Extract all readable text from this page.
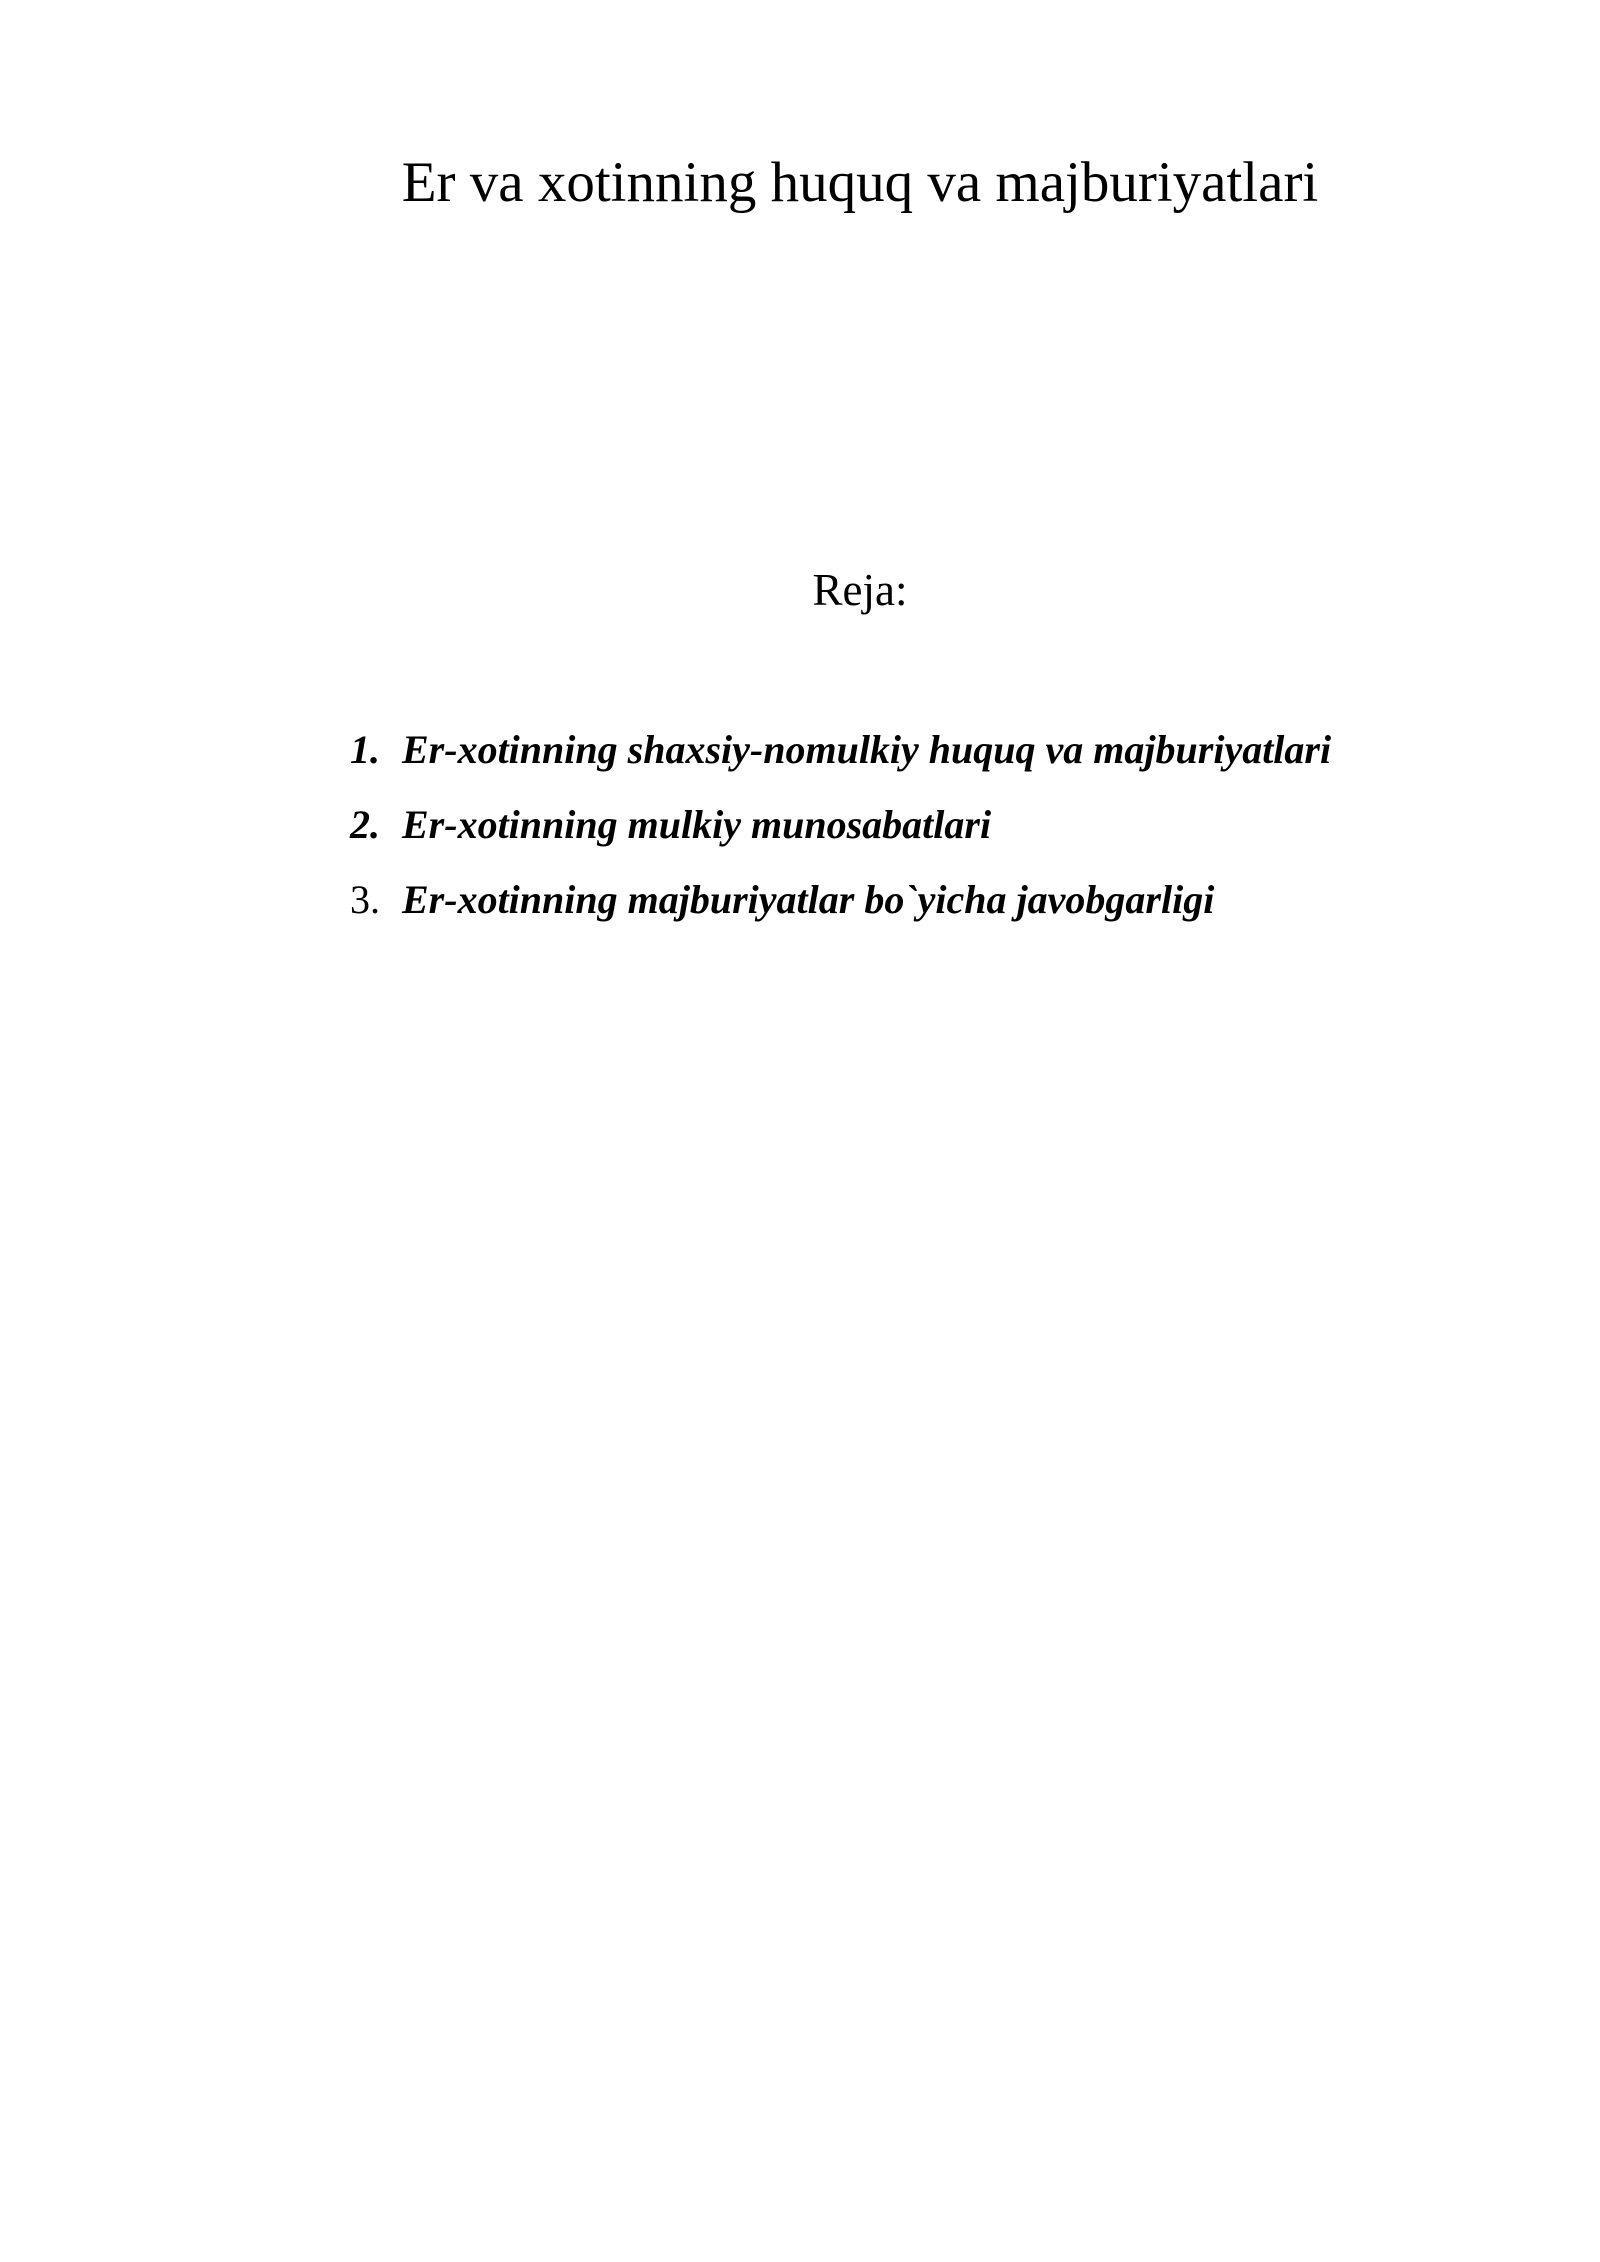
Er va xotinning huquq va majburiyatlari
Reja:
1. Er-xotinning shaxsiy-nomulkiy huquq va majburiyatlari
2. Er-xotinning mulkiy munosabatlari
3. Er-xotinning majburiyatlar bo`yicha javobgarligi
